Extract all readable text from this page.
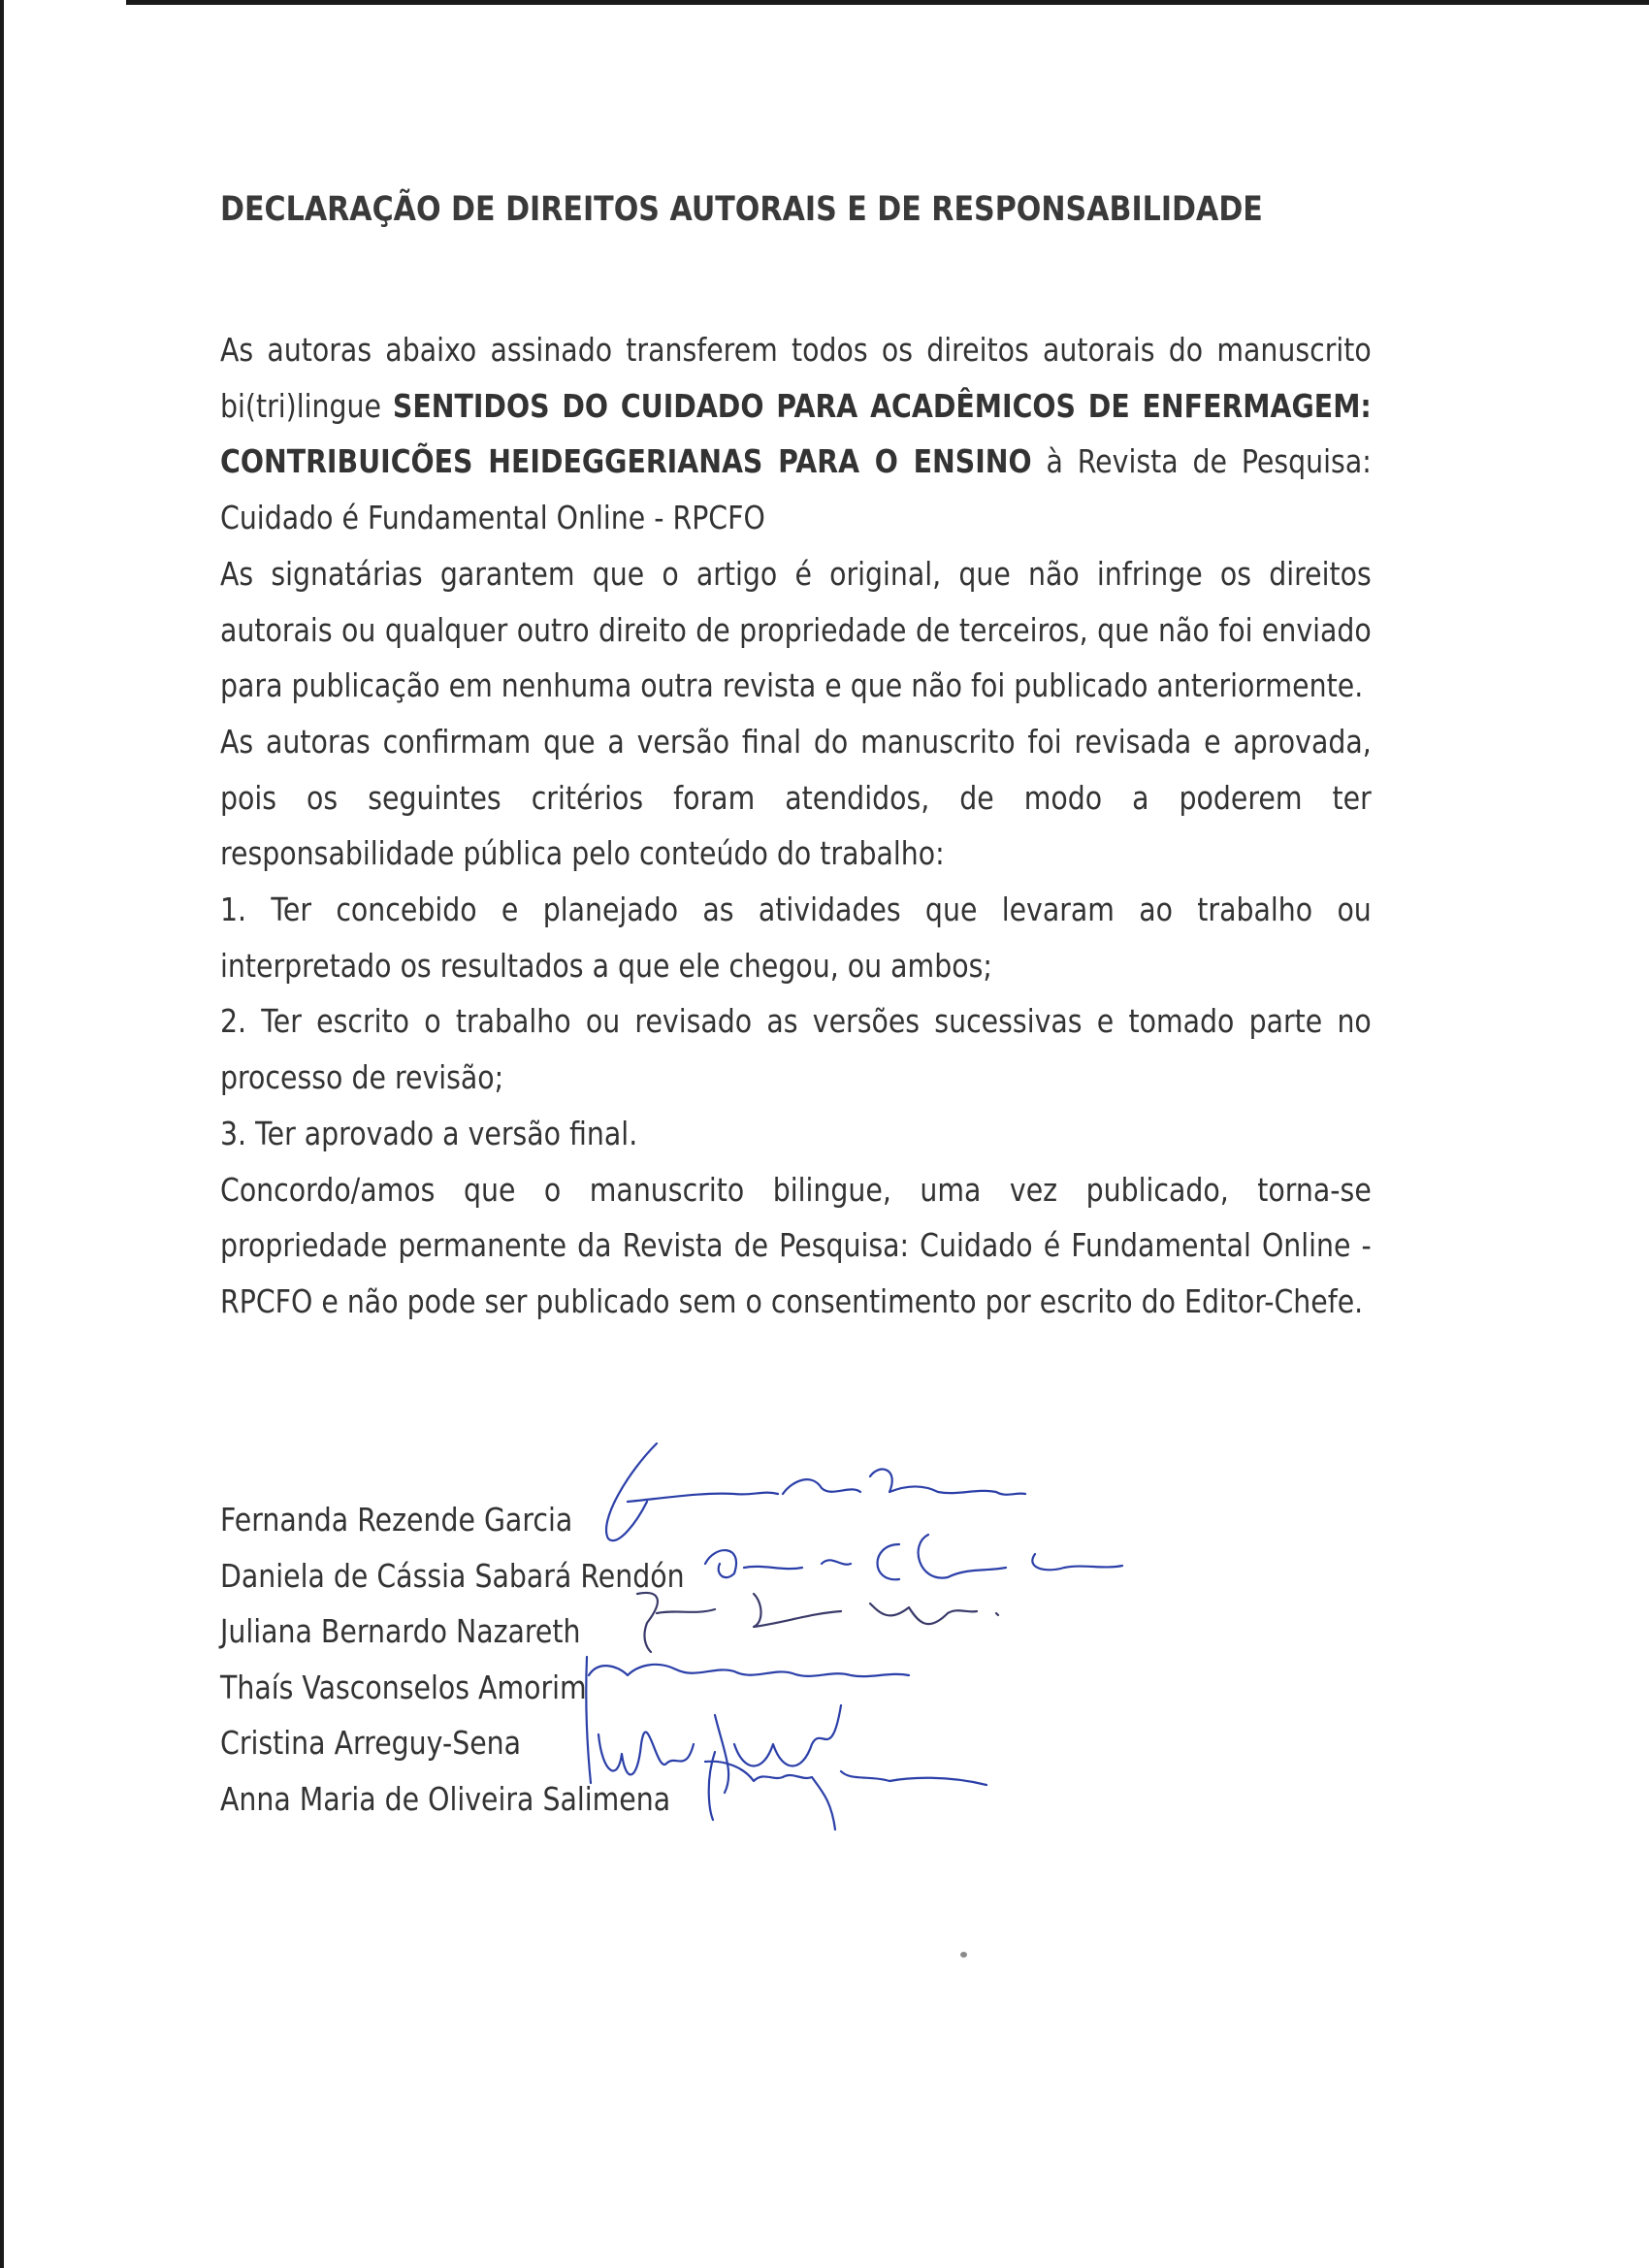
DECLARAÇÃO DE DIREITOS AUTORAIS E DE RESPONSABILIDADE

As autoras abaixo assinado transferem todos os direitos autorais do manuscrito bi(tri)lingue SENTIDOS DO CUIDADO PARA ACADÊMICOS DE ENFERMAGEM: CONTRIBUICÕES HEIDEGGERIANAS PARA O ENSINO à Revista de Pesquisa: Cuidado é Fundamental Online - RPCFO

As signatárias garantem que o artigo é original, que não infringe os direitos autorais ou qualquer outro direito de propriedade de terceiros, que não foi enviado para publicação em nenhuma outra revista e que não foi publicado anteriormente.

As autoras confirmam que a versão final do manuscrito foi revisada e aprovada, pois os seguintes critérios foram atendidos, de modo a poderem ter responsabilidade pública pelo conteúdo do trabalho:

1. Ter concebido e planejado as atividades que levaram ao trabalho ou interpretado os resultados a que ele chegou, ou ambos;

2. Ter escrito o trabalho ou revisado as versões sucessivas e tomado parte no processo de revisão;

3. Ter aprovado a versão final.

Concordo/amos que o manuscrito bilingue, uma vez publicado, torna-se propriedade permanente da Revista de Pesquisa: Cuidado é Fundamental Online - RPCFO e não pode ser publicado sem o consentimento por escrito do Editor-Chefe.

Fernanda Rezende Garcia
Daniela de Cássia Sabará Rendón
Juliana Bernardo Nazareth
Thaís Vasconselos Amorim
Cristina Arreguy-Sena
Anna Maria de Oliveira Salimena
